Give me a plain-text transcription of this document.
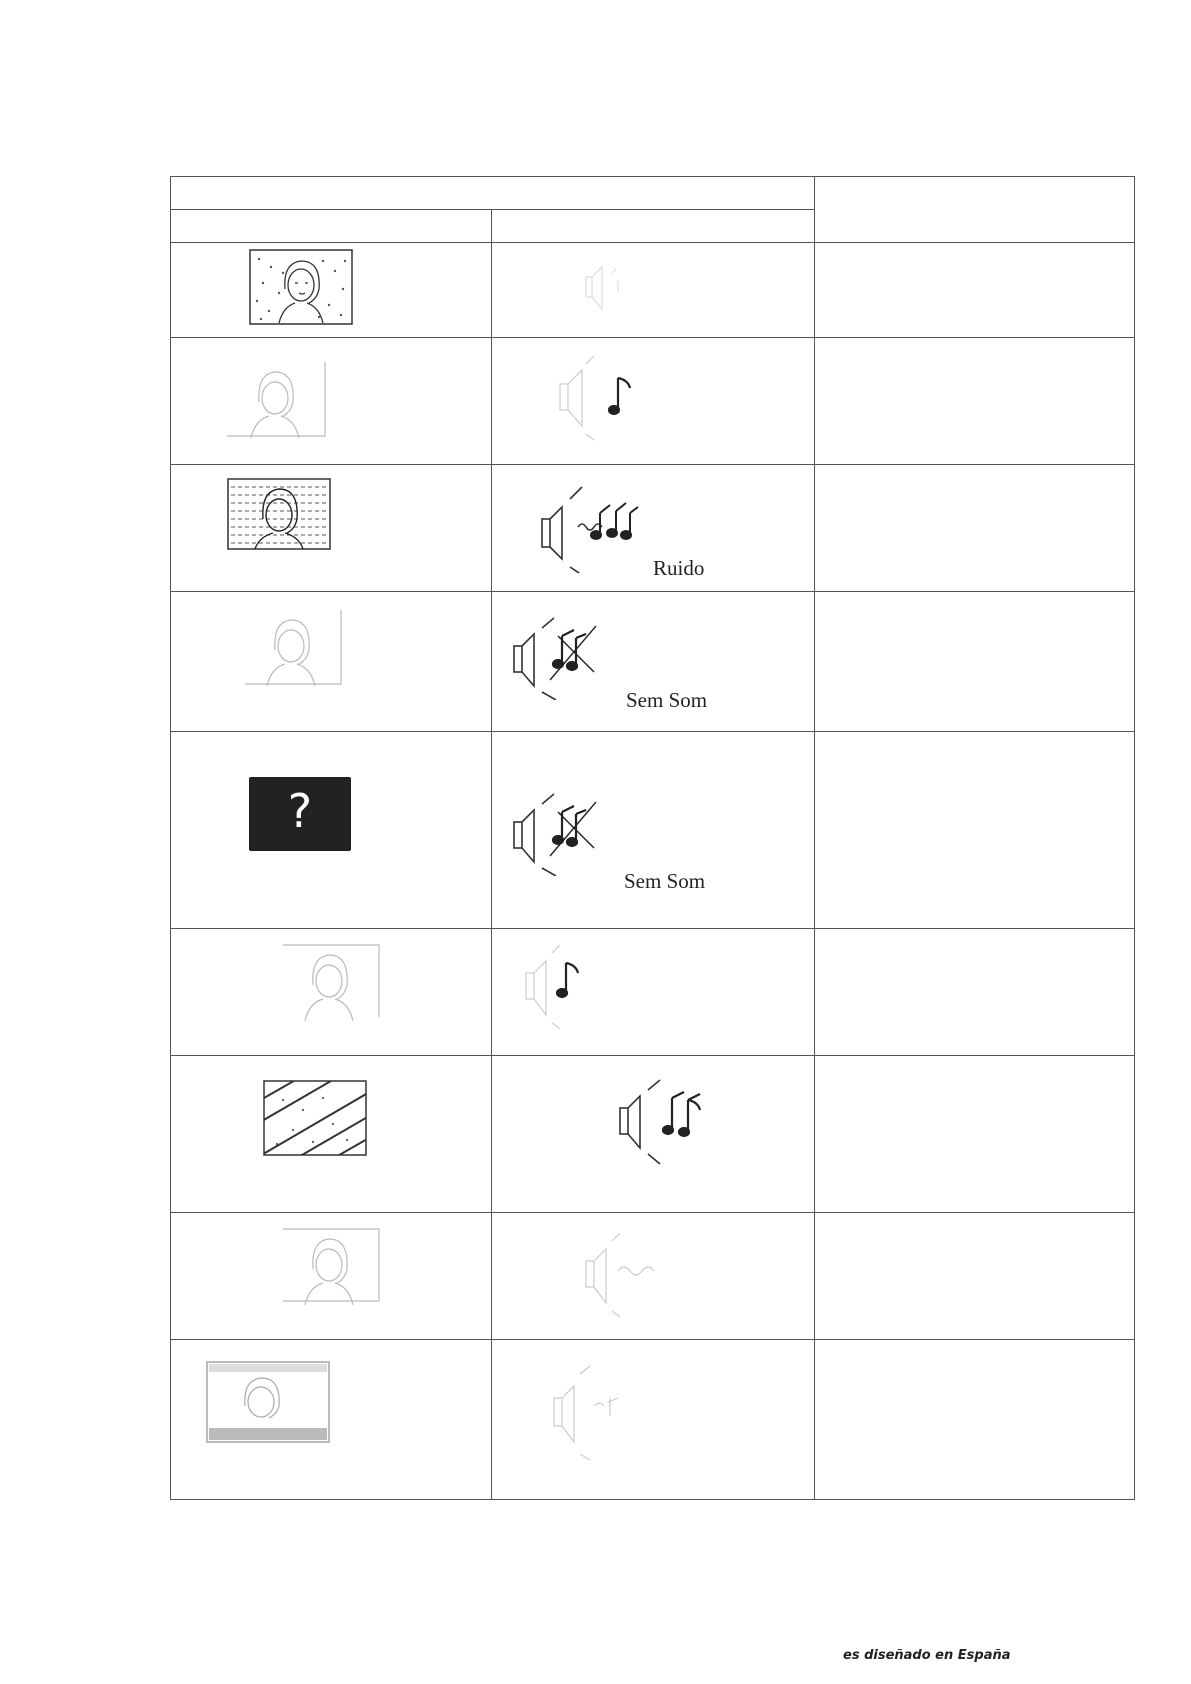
Ruido	

Sem Som	

?	Sem Som	

es diseñado en España
